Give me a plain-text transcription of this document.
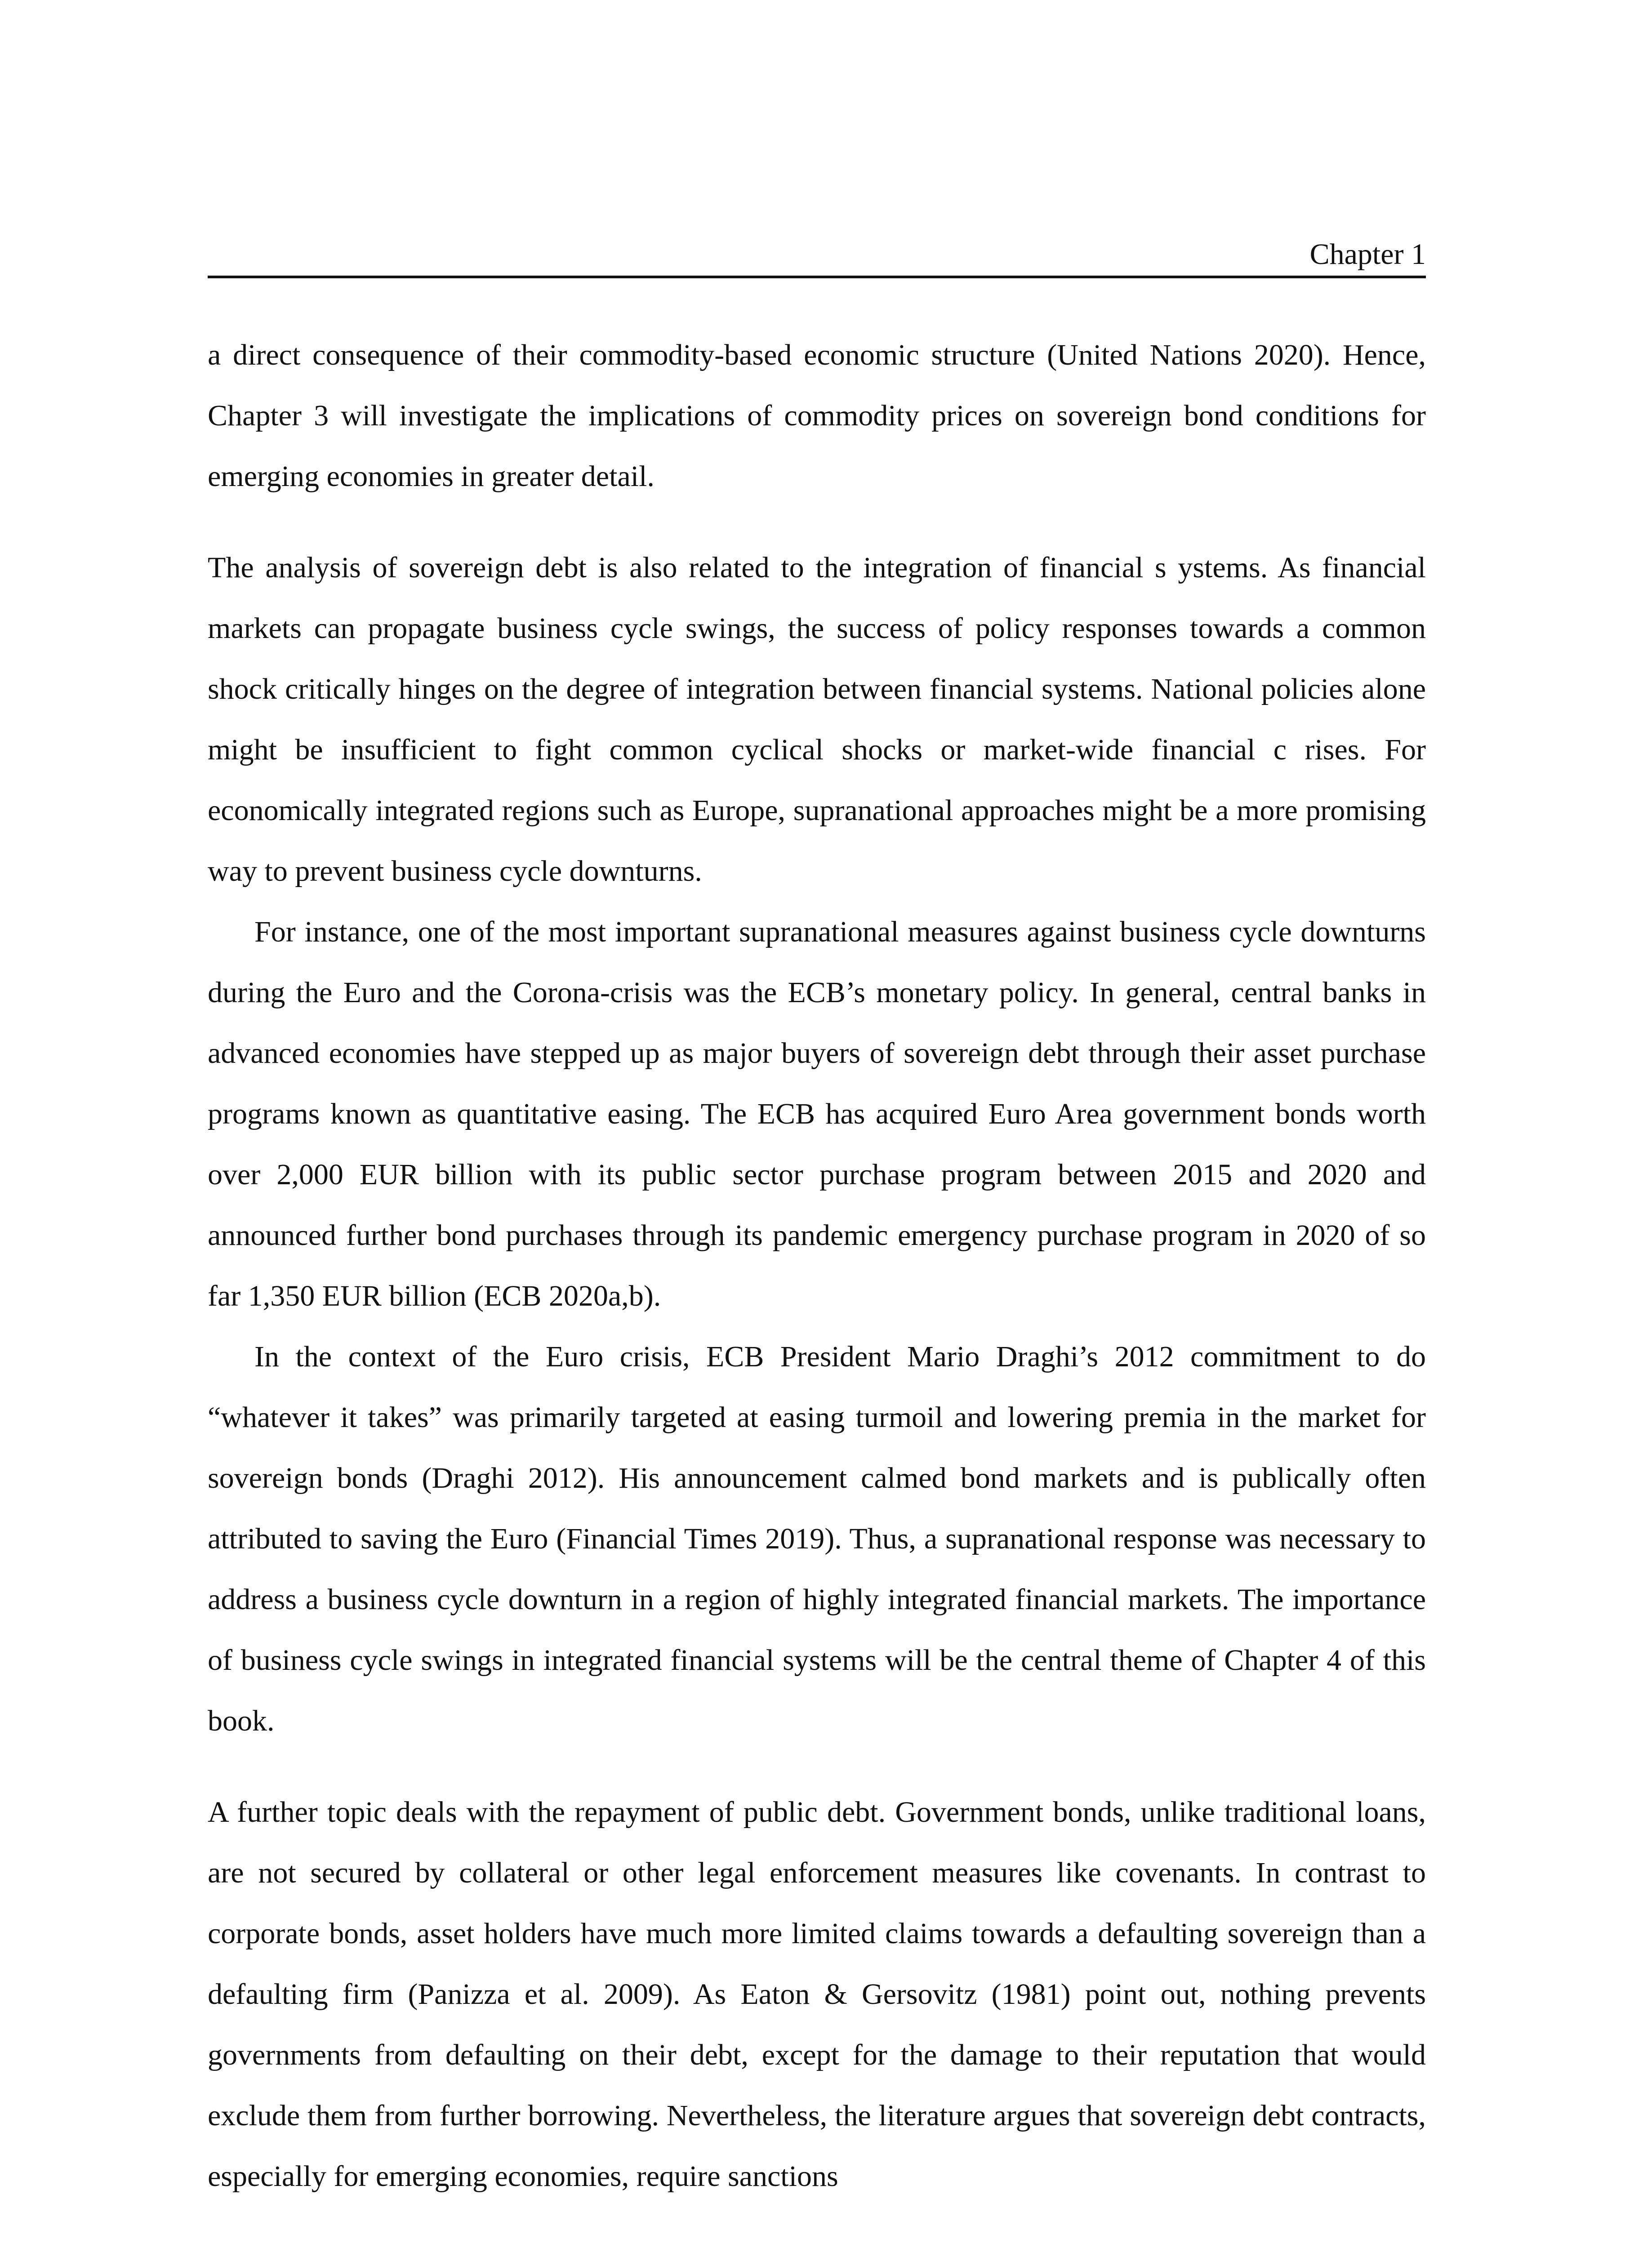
Chapter 1

a direct consequence of their commodity-based economic structure (United Nations 2020). Hence, Chapter 3 will investigate the implications of commodity prices on sovereign bond conditions for emerging economies in greater detail.

The analysis of sovereign debt is also related to the integration of financial s ystems. As financial markets can propagate business cycle swings, the success of policy responses towards a common shock critically hinges on the degree of integration between financial systems. National policies alone might be insufficient to fight common cyclical shocks or market-wide financial c rises. For economically integrated regions such as Europe, supranational approaches might be a more promising way to prevent business cycle downturns.

For instance, one of the most important supranational measures against business cycle downturns during the Euro and the Corona-crisis was the ECB’s monetary policy. In general, central banks in advanced economies have stepped up as major buyers of sovereign debt through their asset purchase programs known as quantitative easing. The ECB has acquired Euro Area government bonds worth over 2,000 EUR billion with its public sector purchase program between 2015 and 2020 and announced further bond purchases through its pandemic emergency purchase program in 2020 of so far 1,350 EUR billion (ECB 2020a,b).

In the context of the Euro crisis, ECB President Mario Draghi’s 2012 commitment to do “whatever it takes” was primarily targeted at easing turmoil and lowering premia in the market for sovereign bonds (Draghi 2012). His announcement calmed bond markets and is publically often attributed to saving the Euro (Financial Times 2019). Thus, a supranational response was necessary to address a business cycle downturn in a region of highly integrated financial markets. The importance of business cycle swings in integrated financial systems will be the central theme of Chapter 4 of this book.

A further topic deals with the repayment of public debt. Government bonds, unlike traditional loans, are not secured by collateral or other legal enforcement measures like covenants. In contrast to corporate bonds, asset holders have much more limited claims towards a defaulting sovereign than a defaulting firm (Panizza et al. 2009). As Eaton & Gersovitz (1981) point out, nothing prevents governments from defaulting on their debt, except for the damage to their reputation that would exclude them from further borrowing. Nevertheless, the literature argues that sovereign debt contracts, especially for emerging economies, require sanctions
